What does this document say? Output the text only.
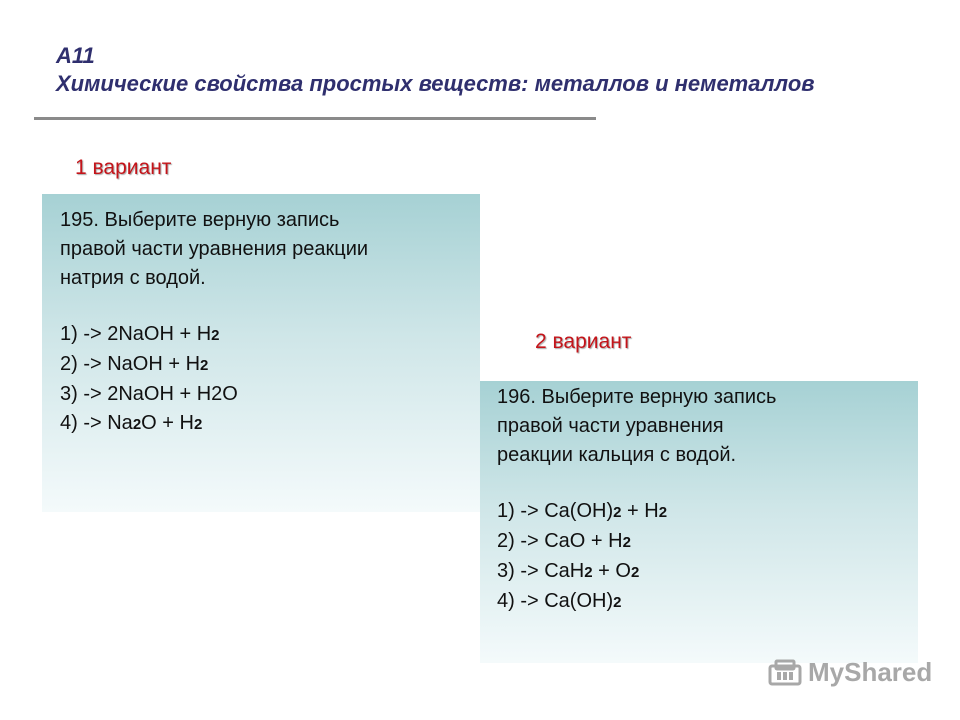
A11
Химические свойства простых веществ: металлов и неметаллов
1 вариант
195. Выберите верную запись
правой части уравнения реакции
натрия с водой.
1) -> 2NaOH + H2
2) -> NaOH + H2
3) -> 2NaOH + H2O
4) -> Na2O + H2
2 вариант
196. Выберите верную запись
правой части уравнения
реакции кальция с водой.
1) -> Ca(OH)2 + H2
2) -> CaO + H2
3) -> CaH2 + O2
4) -> Ca(OH)2
MyShared
